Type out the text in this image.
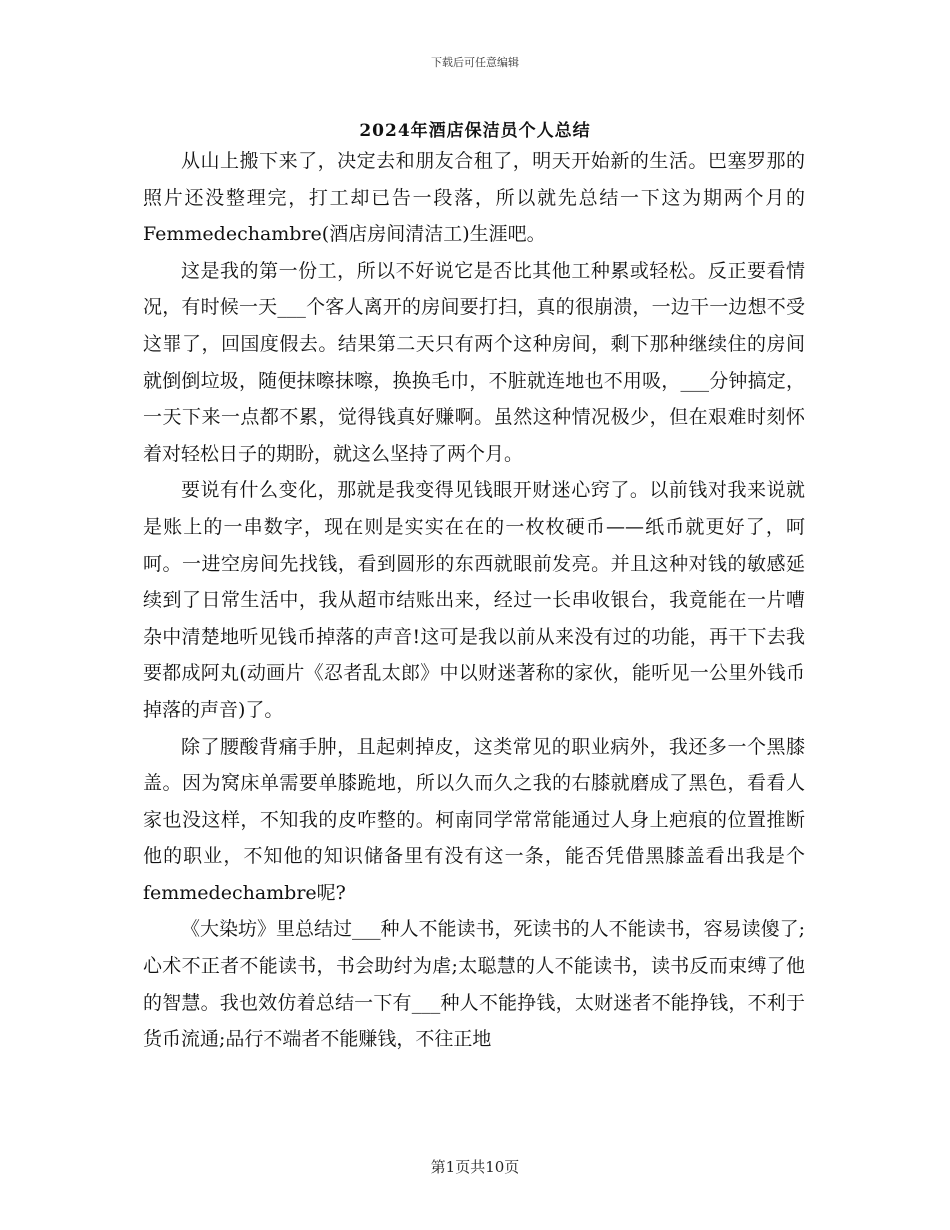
下载后可任意编辑
2024年酒店保洁员个人总结

从山上搬下来了，决定去和朋友合租了，明天开始新的生活。巴塞罗那的照片还没整理完，打工却已告一段落，所以就先总结一下这为期两个月的Femmedechambre(酒店房间清洁工)生涯吧。

这是我的第一份工，所以不好说它是否比其他工种累或轻松。反正要看情况，有时候一天___个客人离开的房间要打扫，真的很崩溃，一边干一边想不受这罪了，回国度假去。结果第二天只有两个这种房间，剩下那种继续住的房间就倒倒垃圾，随便抹嚓抹嚓，换换毛巾，不脏就连地也不用吸，___分钟搞定，一天下来一点都不累，觉得钱真好赚啊。虽然这种情况极少，但在艰难时刻怀着对轻松日子的期盼，就这么坚持了两个月。

要说有什么变化，那就是我变得见钱眼开财迷心窍了。以前钱对我来说就是账上的一串数字，现在则是实实在在的一枚枚硬币——纸币就更好了，呵呵。一进空房间先找钱，看到圆形的东西就眼前发亮。并且这种对钱的敏感延续到了日常生活中，我从超市结账出来，经过一长串收银台，我竟能在一片嘈杂中清楚地听见钱币掉落的声音!这可是我以前从来没有过的功能，再干下去我要都成阿丸(动画片《忍者乱太郎》中以财迷著称的家伙，能听见一公里外钱币掉落的声音)了。

除了腰酸背痛手肿，且起刺掉皮，这类常见的职业病外，我还多一个黑膝盖。因为窝床单需要单膝跪地，所以久而久之我的右膝就磨成了黑色，看看人家也没这样，不知我的皮咋整的。柯南同学常常能通过人身上疤痕的位置推断他的职业，不知他的知识储备里有没有这一条，能否凭借黑膝盖看出我是个femmedechambre呢?

《大染坊》里总结过___种人不能读书，死读书的人不能读书，容易读傻了;心术不正者不能读书，书会助纣为虐;太聪慧的人不能读书，读书反而束缚了他的智慧。我也效仿着总结一下有___种人不能挣钱，太财迷者不能挣钱，不利于货币流通;品行不端者不能赚钱，不往正地

第1页共10页
